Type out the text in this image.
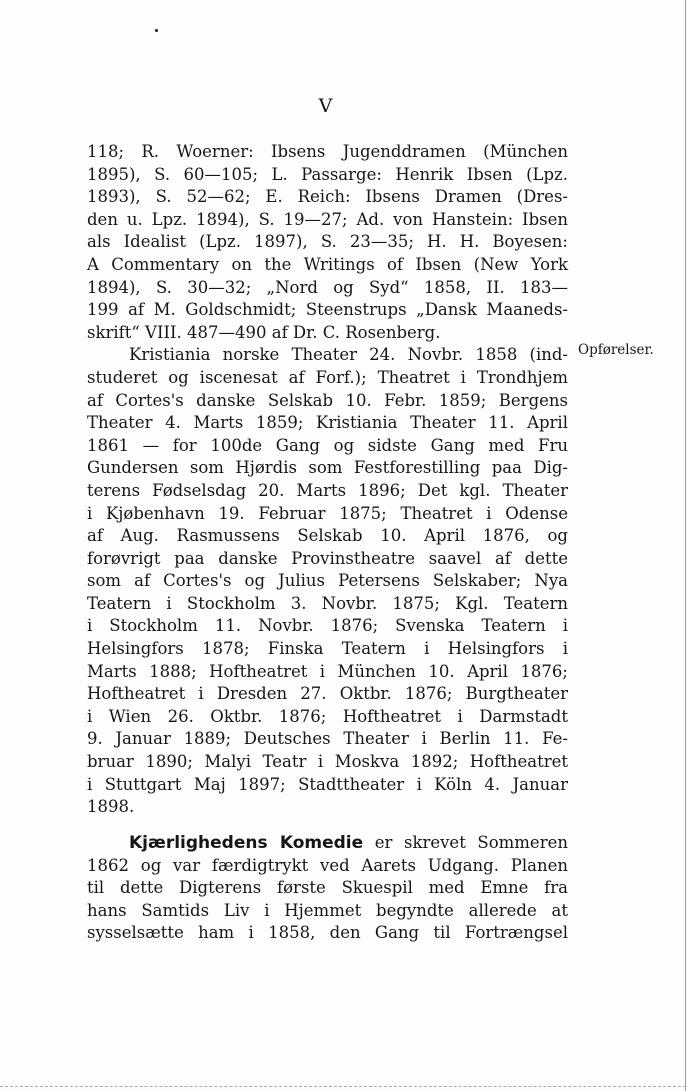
V
118; R. Woerner: Ibsens Jugenddramen (München
1895), S. 60—105; L. Passarge: Henrik Ibsen (Lpz.
1893), S. 52—62; E. Reich: Ibsens Dramen (Dres-
den u. Lpz. 1894), S. 19—27; Ad. von Hanstein: Ibsen
als Idealist (Lpz. 1897), S. 23—35; H. H. Boyesen:
A Commentary on the Writings of Ibsen (New York
1894), S. 30—32; „Nord og Syd“ 1858, II. 183—
199 af M. Goldschmidt; Steenstrups „Dansk Maaneds-
skrift“ VIII. 487—490 af Dr. C. Rosenberg.
Kristiania norske Theater 24. Novbr. 1858 (ind-
studeret og iscenesat af Forf.); Theatret i Trondhjem
af Cortes's danske Selskab 10. Febr. 1859; Bergens
Theater 4. Marts 1859; Kristiania Theater 11. April
1861 — for 100de Gang og sidste Gang med Fru
Gundersen som Hjørdis som Festforestilling paa Dig-
terens Fødselsdag 20. Marts 1896; Det kgl. Theater
i Kjøbenhavn 19. Februar 1875; Theatret i Odense
af Aug. Rasmussens Selskab 10. April 1876, og
forøvrigt paa danske Provinstheatre saavel af dette
som af Cortes's og Julius Petersens Selskaber; Nya
Teatern i Stockholm 3. Novbr. 1875; Kgl. Teatern
i Stockholm 11. Novbr. 1876; Svenska Teatern i
Helsingfors 1878; Finska Teatern i Helsingfors i
Marts 1888; Hoftheatret i München 10. April 1876;
Hoftheatret i Dresden 27. Oktbr. 1876; Burgtheater
i Wien 26. Oktbr. 1876; Hoftheatret i Darmstadt
9. Januar 1889; Deutsches Theater i Berlin 11. Fe-
bruar 1890; Malyi Teatr i Moskva 1892; Hoftheatret
i Stuttgart Maj 1897; Stadttheater i Köln 4. Januar
1898.
Opførelser.
Kjærlighedens Komedie er skrevet Sommeren
1862 og var færdigtrykt ved Aarets Udgang. Planen
til dette Digterens første Skuespil med Emne fra
hans Samtids Liv i Hjemmet begyndte allerede at
sysselsætte ham i 1858, den Gang til Fortrængsel
